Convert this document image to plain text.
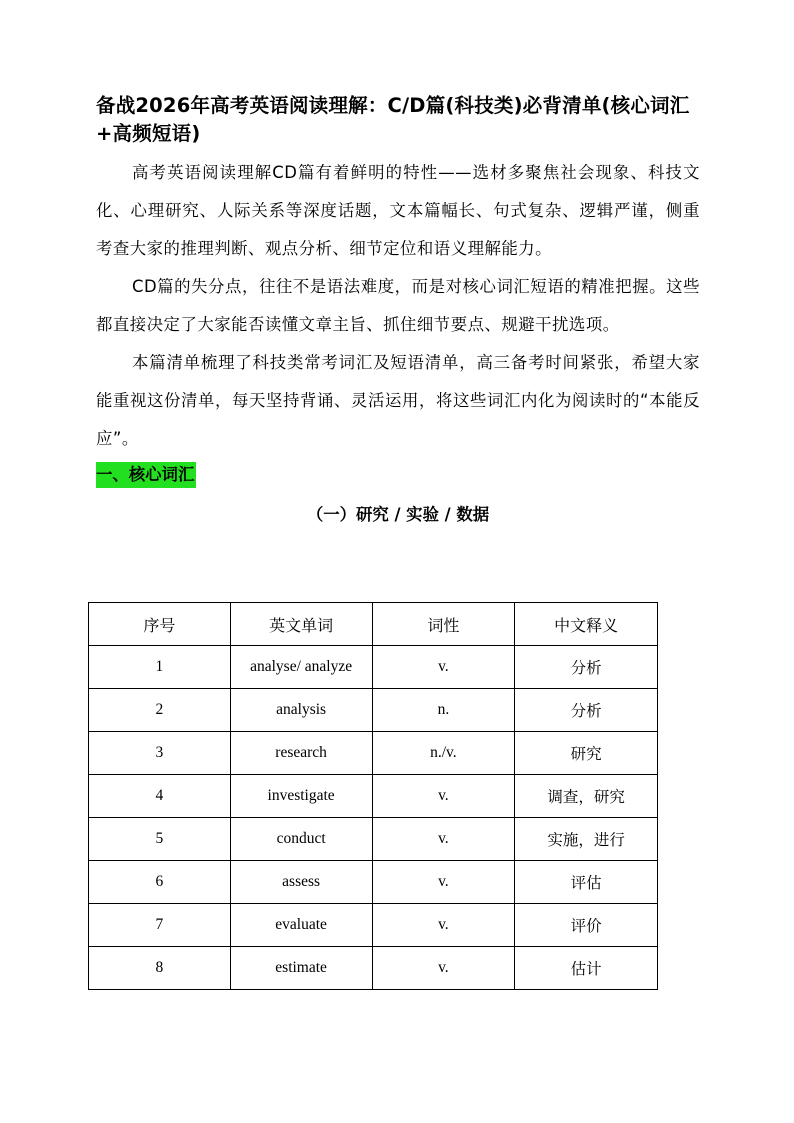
备战2026年高考英语阅读理解：C/D篇(科技类)必背清单(核心词汇+高频短语)

高考英语阅读理解CD篇有着鲜明的特性——选材多聚焦社会现象、科技文化、心理研究、人际关系等深度话题，文本篇幅长、句式复杂、逻辑严谨，侧重考查大家的推理判断、观点分析、细节定位和语义理解能力。

CD篇的失分点，往往不是语法难度，而是对核心词汇短语的精准把握。这些都直接决定了大家能否读懂文章主旨、抓住细节要点、规避干扰选项。

本篇清单梳理了科技类常考词汇及短语清单，高三备考时间紧张，希望大家能重视这份清单，每天坚持背诵、灵活运用，将这些词汇内化为阅读时的“本能反应”。

一、核心词汇
（一）研究 / 实验 / 数据
序号	英文单词	词性	中文释义
1	analyse/ analyze	v.	分析
2	analysis	n.	分析
3	research	n./v.	研究
4	investigate	v.	调查，研究
5	conduct	v.	实施，进行
6	assess	v.	评估
7	evaluate	v.	评价
8	estimate	v.	估计
